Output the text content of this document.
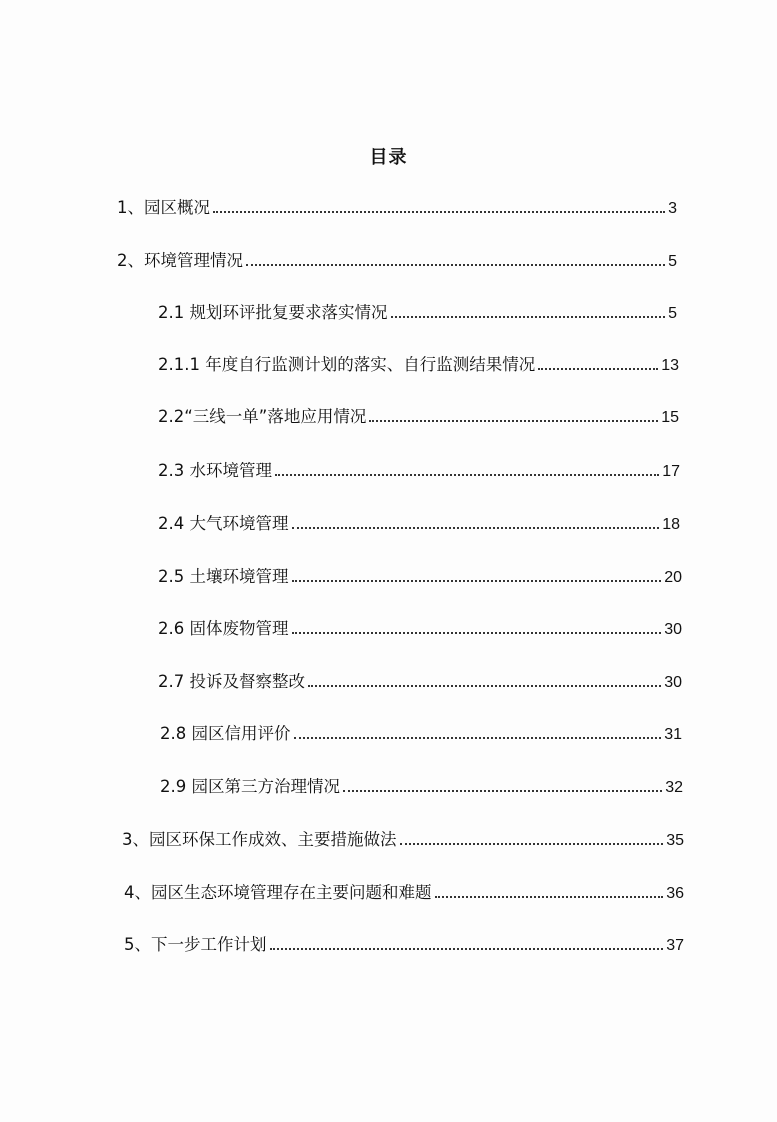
目录
1、园区概况	3
2、环境管理情况	5
2.1 规划环评批复要求落实情况	5
2.1.1 年度自行监测计划的落实、自行监测结果情况	13
2.2“三线一单”落地应用情况	15
2.3 水环境管理	17
2.4 大气环境管理	18
2.5 土壤环境管理	20
2.6 固体废物管理	30
2.7 投诉及督察整改	30
2.8 园区信用评价	31
2.9 园区第三方治理情况	32
3、园区环保工作成效、主要措施做法	35
4、园区生态环境管理存在主要问题和难题	36
5、下一步工作计划	37
